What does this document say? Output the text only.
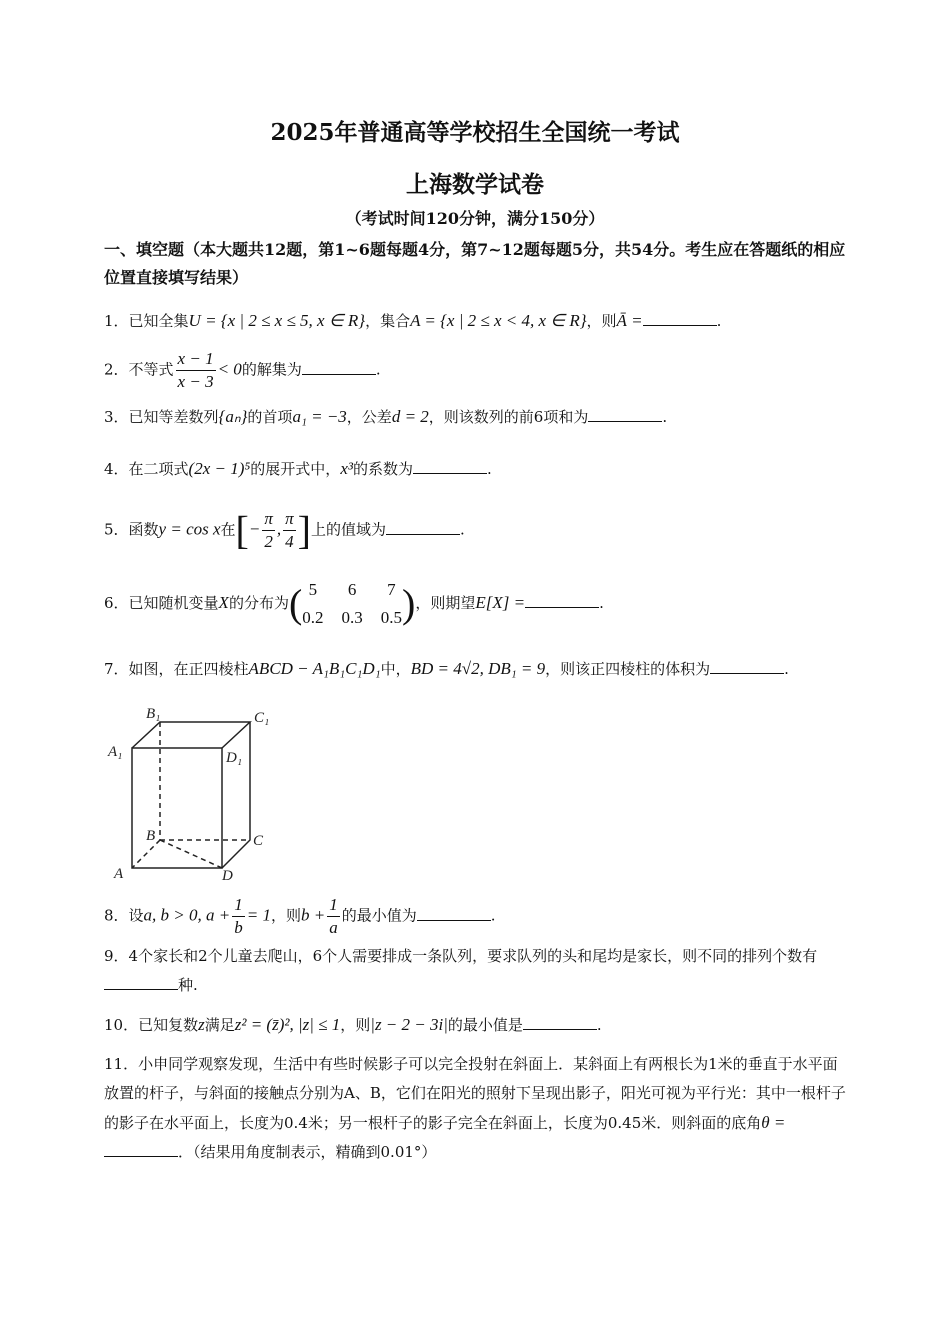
2025年普通高等学校招生全国统一考试
上海数学试卷
（考试时间120分钟，满分150分）
一、填空题（本大题共12题，第1~6题每题4分，第7~12题每题5分，共54分。考生应在答题纸的相应位置直接填写结果）
1．已知全集U = {x | 2 ≤ x ≤ 5, x ∈ R}，集合A = {x | 2 ≤ x < 4, x ∈ R}，则Ā =	.
2．不等式 $\frac{x - 1}{x - 3} < 0$的解集为	.
3．已知等差数列{aₙ}的首项a₁ = −3，公差d = 2，则该数列的前6项和为	.
4．在二项式(2x − 1)⁵的展开式中，x³的系数为	.
5．函数y = cos x在[− $\frac{\pi}{2}$ , $\frac{\pi}{4}$ ]上的值域为	.
6．已知随机变量X的分布为( 5	6	7
0.2 0.3 0.5 )，则期望E[X] =	.
7．如图，在正四棱柱ABCD − A₁B₁C₁D₁中，BD = 4√2, DB₁ = 9，则该正四棱柱的体积为	.
8．设a, b > 0, $a + \frac{1}{b} = 1$，则$b + \frac{1}{a}$ 的最小值为	.
9．4个家长和2个儿童去爬山，6个人需要排成一条队列，要求队列的头和尾均是家长，则不同的排列个数有种.
10．已知复数z满足z² = (z̄)², |z| ≤ 1，则|z − 2 − 3i|的最小值是	.
11．小申同学观察发现，生活中有些时候影子可以完全投射在斜面上．某斜面上有两根长为1米的垂直于水平面放置的杆子，与斜面的接触点分别为A、B，它们在阳光的照射下呈现出影子，阳光可视为平行光：其中一根杆子的影子在水平面上，长度为0.4米；另一根杆子的影子完全在斜面上，长度为0.45米．则斜面的底角θ =．（结果用角度制表示，精确到0.01°）
A
B	C
D
A₁
B₁	C₁
D₁
